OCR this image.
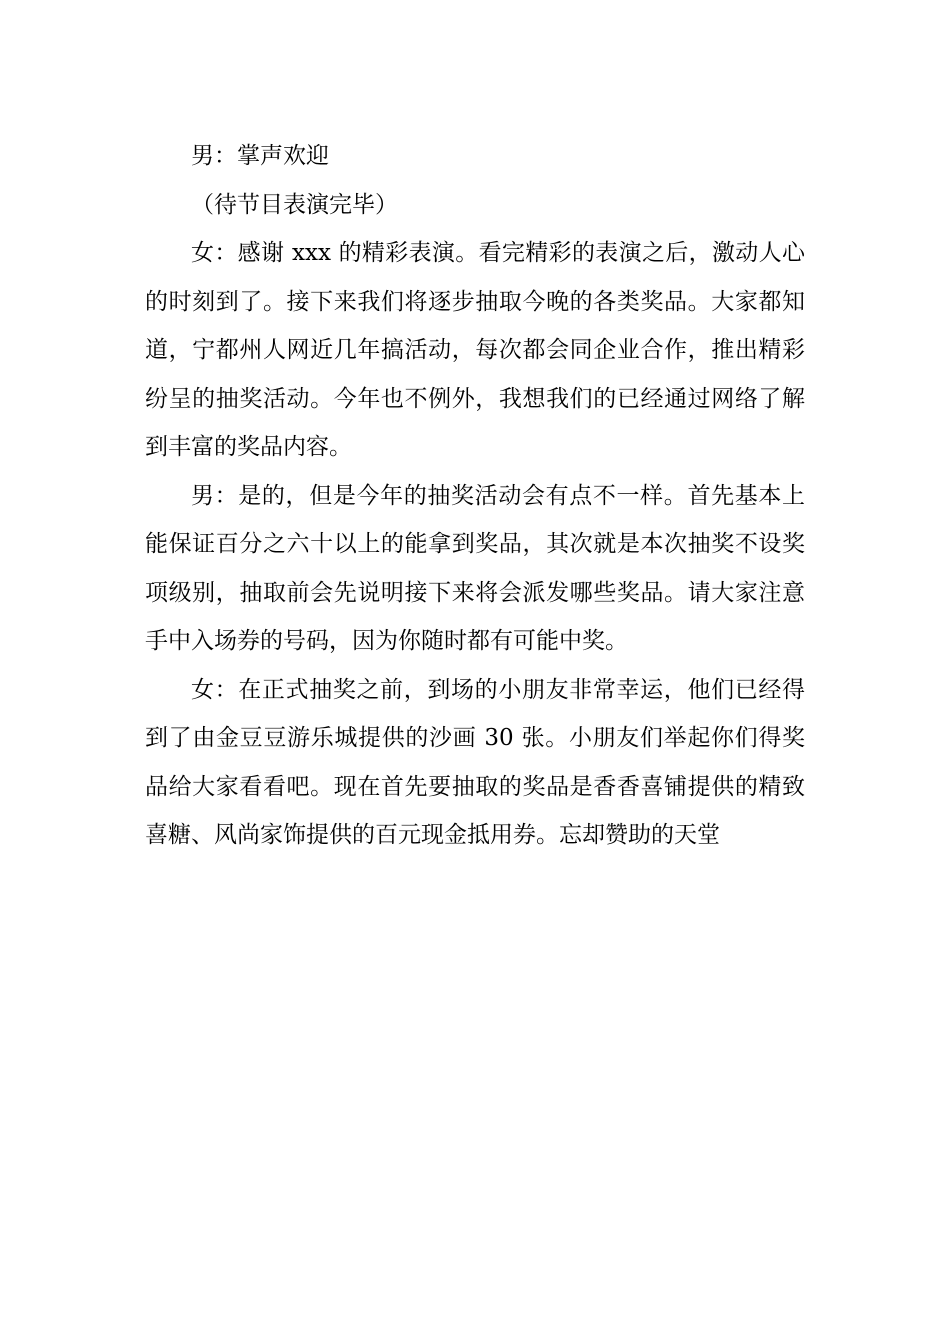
男：掌声欢迎

（待节目表演完毕）

女：感谢 xxx 的精彩表演。看完精彩的表演之后，激动人心的时刻到了。接下来我们将逐步抽取今晚的各类奖品。大家都知道，宁都州人网近几年搞活动，每次都会同企业合作，推出精彩纷呈的抽奖活动。今年也不例外，我想我们的已经通过网络了解到丰富的奖品内容。

男：是的，但是今年的抽奖活动会有点不一样。首先基本上能保证百分之六十以上的能拿到奖品，其次就是本次抽奖不设奖项级别，抽取前会先说明接下来将会派发哪些奖品。请大家注意手中入场券的号码，因为你随时都有可能中奖。

女：在正式抽奖之前，到场的小朋友非常幸运，他们已经得到了由金豆豆游乐城提供的沙画 30 张。小朋友们举起你们得奖品给大家看看吧。现在首先要抽取的奖品是香香喜铺提供的精致喜糖、风尚家饰提供的百元现金抵用券。忘却赞助的天堂
